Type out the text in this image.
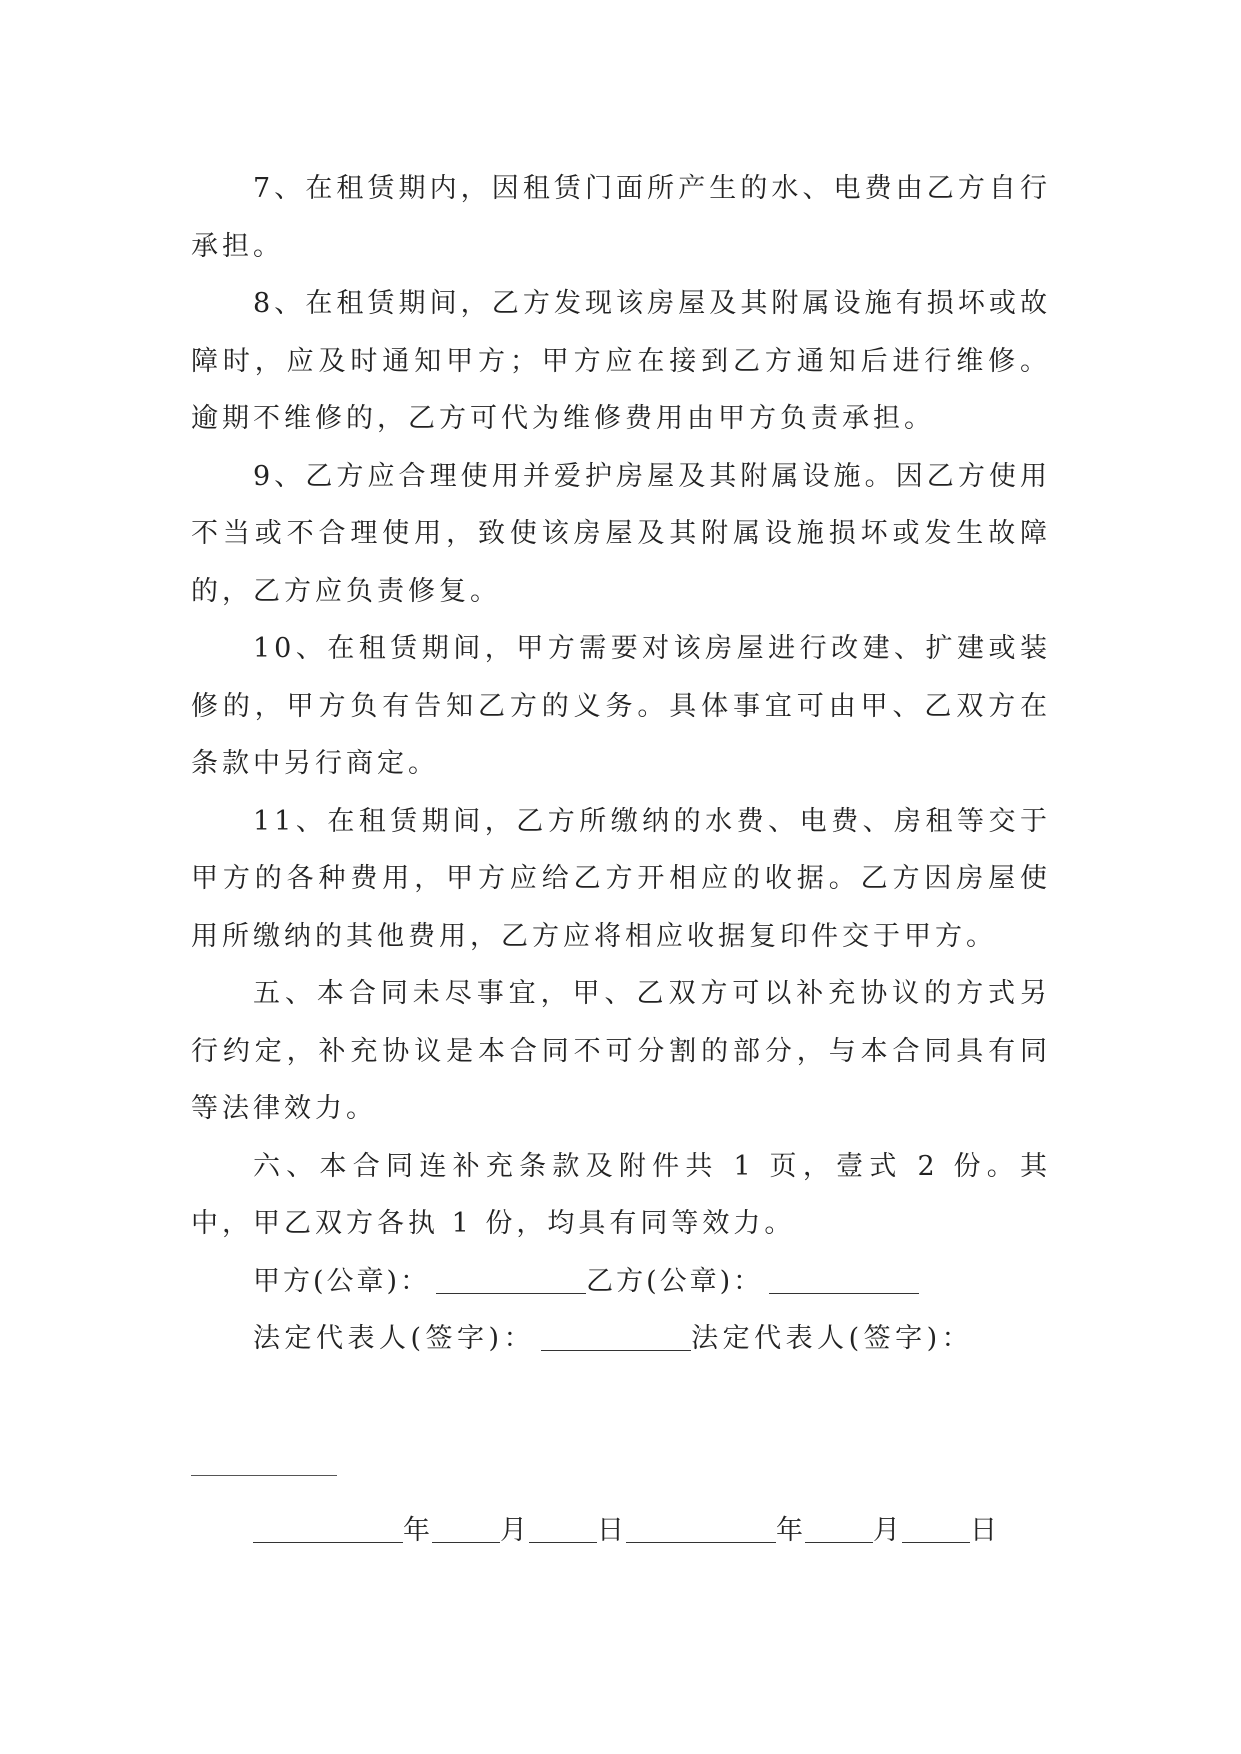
7、在租赁期内，因租赁门面所产生的水、电费由乙方自行承担。

8、在租赁期间，乙方发现该房屋及其附属设施有损坏或故障时，应及时通知甲方；甲方应在接到乙方通知后进行维修。逾期不维修的，乙方可代为维修费用由甲方负责承担。

9、乙方应合理使用并爱护房屋及其附属设施。因乙方使用不当或不合理使用，致使该房屋及其附属设施损坏或发生故障的，乙方应负责修复。

10、在租赁期间，甲方需要对该房屋进行改建、扩建或装修的，甲方负有告知乙方的义务。具体事宜可由甲、乙双方在条款中另行商定。

11、在租赁期间，乙方所缴纳的水费、电费、房租等交于甲方的各种费用，甲方应给乙方开相应的收据。乙方因房屋使用所缴纳的其他费用，乙方应将相应收据复印件交于甲方。

五、本合同未尽事宜，甲、乙双方可以补充协议的方式另行约定，补充协议是本合同不可分割的部分，与本合同具有同等法律效力。

六、本合同连补充条款及附件共 1 页，壹式 2 份。其中，甲乙双方各执 1 份，均具有同等效力。

甲方(公章)：	乙方(公章)：

法定代表人(签字)：	法定代表人(签字)：

年	月	日	年	月	日
